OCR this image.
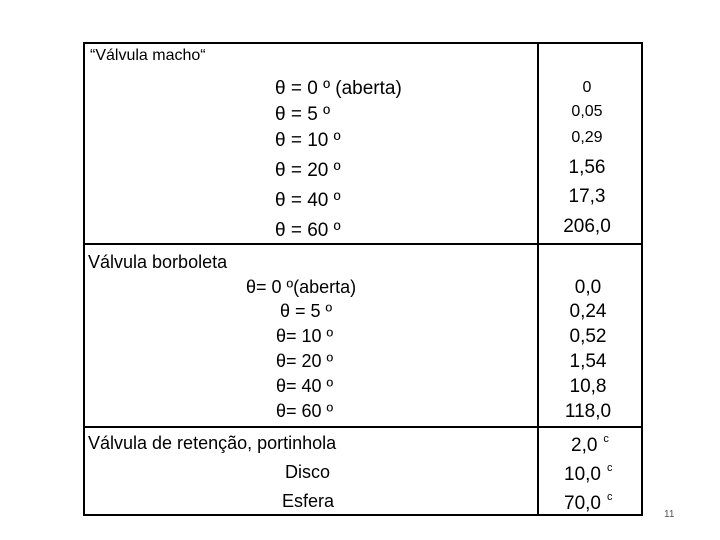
“Válvula macho“
θ = 0 º (aberta)
θ = 5 º
θ = 10 º
θ = 20 º
θ = 40 º
θ = 60 º
0
0,05
0,29
1,56
17,3
206,0
Válvula borboleta
θ= 0 º(aberta)
θ = 5 º
θ= 10 º
θ= 20 º
θ= 40 º
θ= 60 º
0,0
0,24
0,52
1,54
10,8
118,0
Válvula de retenção, portinhola
Disco
Esfera
2,0 $^c$
10,0 $^c$
70,0 $^c$
11
